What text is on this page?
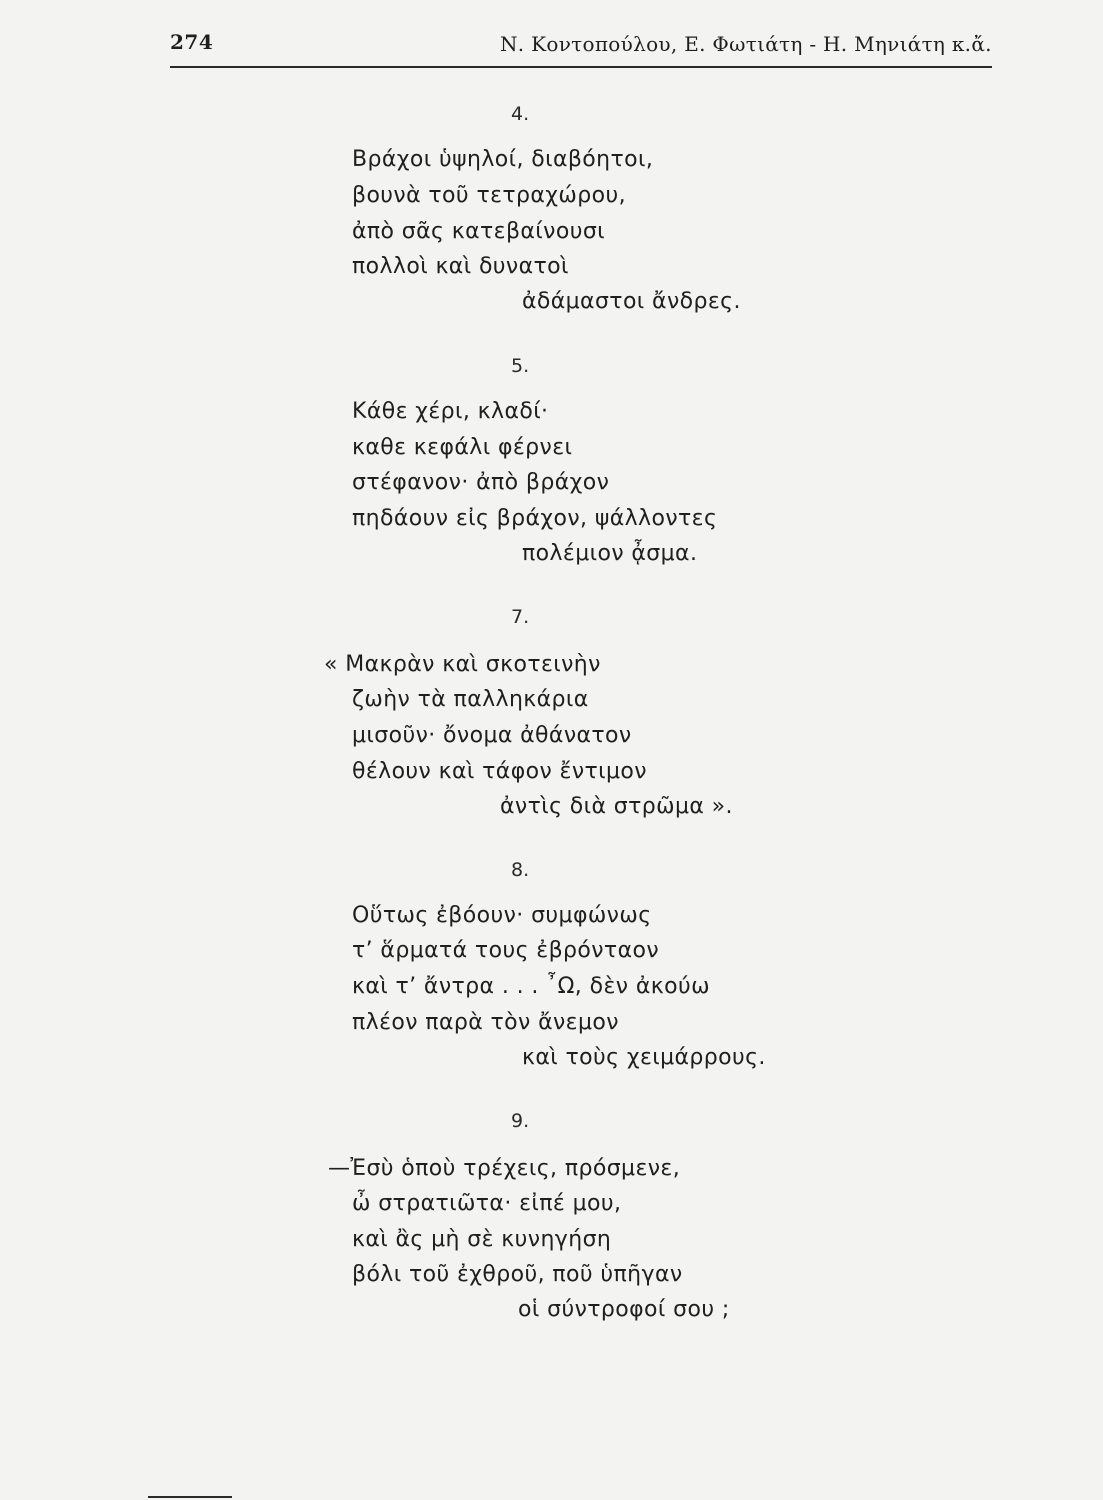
274	Ν. Κοντοπούλου, Ε. Φωτιάτη - Η. Μηνιάτη κ.ἄ.
4.
Βράχοι ὑψηλοί, διαβόητοι,
βουνὰ τοῦ τετραχώρου,
ἀπὸ σᾶς κατεβαίνουσι
πολλοὶ καὶ δυνατοὶ
ἀδάμαστοι ἄνδρες.
5.
Κάθε χέρι, κλαδί·
καθε κεφάλι φέρνει
στέφανον· ἀπὸ βράχον
πηδάουν εἰς βράχον, ψάλλοντες
πολέμιον ᾆσμα.
7.
« Μακρὰν καὶ σκοτεινὴν
ζωὴν τὰ παλληκάρια
μισοῦν· ὄνομα ἀθάνατον
θέλουν καὶ τάφον ἔντιμον
ἀντὶς διὰ στρῶμα ».
8.
Οὕτως ἐβόουν· συμφώνως
τ’ ἅρματά τους ἐβρόνταον
καὶ τ’ ἄντρα . . . ῏Ω, δὲν ἀκούω
πλέον παρὰ τὸν ἄνεμον
καὶ τοὺς χειμάρρους.
9.
—Ἐσὺ ὁποὺ τρέχεις, πρόσμενε,
ὦ στρατιῶτα· εἰπέ μου,
καὶ ἂς μὴ σὲ κυνηγήση
βόλι τοῦ ἐχθροῦ, ποῦ ὑπῆγαν
οἱ σύντροφοί σου ;
